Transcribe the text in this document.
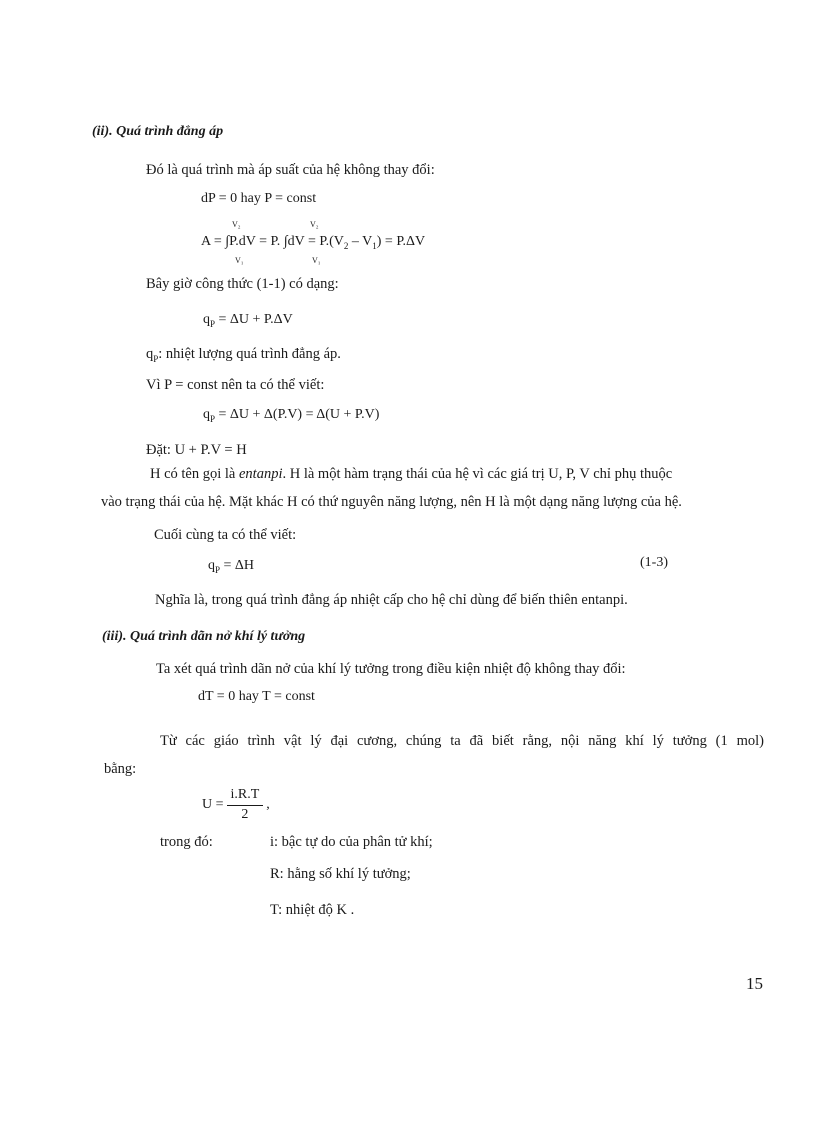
(ii). Quá trình đẳng áp
Đó là quá trình mà áp suất của hệ không thay đổi:
dP = 0 hay P = const
A = ∫P.dV = P. $\int dV = P.(V_2 - V_1) = P.\Delta V$
V₂
V₁
V₂
V₁
Bây giờ công thức (1-1) có dạng:
$q_P = \Delta U + P.\Delta V$
$q_P$: nhiệt lượng quá trình đẳng áp.
Vì P = const nên ta có thể viết:
$q_P = \Delta U + \Delta(P.V) = \Delta(U + P.V)$
Đặt: U + P.V = H
H có tên gọi là entanpi. H là một hàm trạng thái của hệ vì các giá trị U, P, V chỉ phụ thuộc
vào trạng thái của hệ. Mặt khác H có thứ nguyên năng lượng, nên H là một dạng năng lượng của hệ.
Cuối cùng ta có thể viết:
$q_P = \Delta H$	(1-3)
Nghĩa là, trong quá trình đẳng áp nhiệt cấp cho hệ chỉ dùng để biến thiên entanpi.
(iii). Quá trình dãn nở khí lý tưởng
Ta xét quá trình dãn nở của khí lý tưởng trong điều kiện nhiệt độ không thay đổi:
dT = 0 hay T = const
Từ các giáo trình vật lý đại cương, chúng ta đã biết rằng, nội năng khí lý tưởng (1 mol)
bằng:
$U = \frac{i.R.T}{2}$ ,
trong đó:	i: bậc tự do của phân tử khí;
R: hằng số khí lý tưởng;
T: nhiệt độ K .
15
